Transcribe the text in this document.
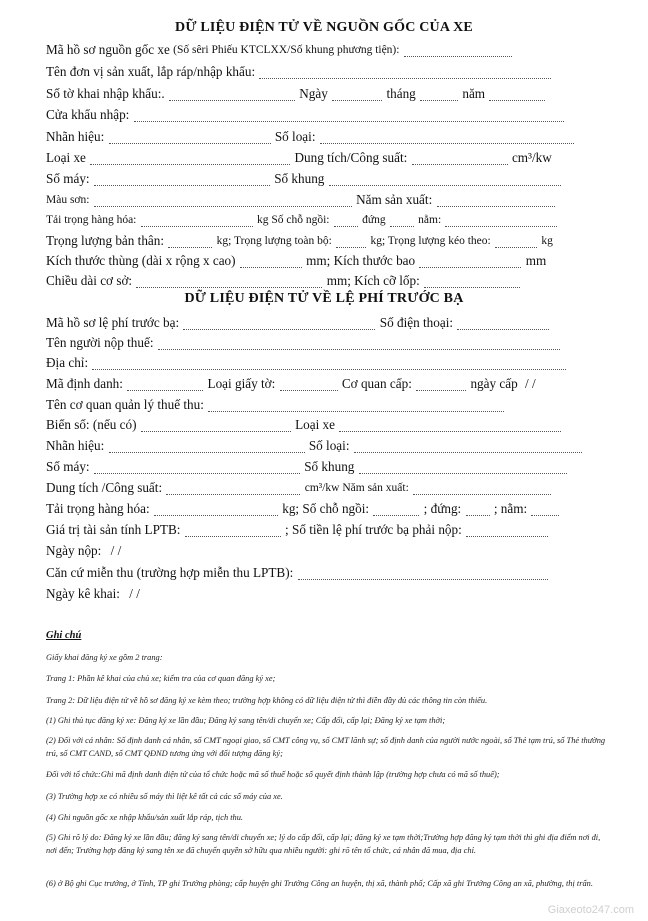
DỮ LIỆU ĐIỆN TỬ VỀ NGUỒN GỐC CỦA XE
Mã hồ sơ nguồn gốc xe (Số sêri Phiếu KTCLXX/Số khung phương tiện):
Tên đơn vị sản xuất, lắp ráp/nhập khẩu:
Số tờ khai nhập khẩu:.	Ngày	tháng	năm
Cửa khẩu nhập:
Nhãn hiệu:	Số loại:
Loại xe	Dung tích/Công suất:	cm³/kw
Số máy:	Số khung
Màu sơn:	Năm sản xuất:
Tải trọng hàng hóa:	kg Số chỗ ngồi:	đứng	nằm:
Trọng lượng bản thân:	kg; Trọng lượng toàn bộ:	kg; Trọng lượng kéo theo:	kg
Kích thước thùng (dài x rộng x cao)	mm; Kích thước bao	mm
Chiều dài cơ sở:	mm; Kích cỡ lốp:
DỮ LIỆU ĐIỆN TỬ VỀ LỆ PHÍ TRƯỚC BẠ
Mã hồ sơ lệ phí trước bạ:	Số điện thoại:
Tên người nộp thuế:
Địa chỉ:
Mã định danh:	Loại giấy tờ:	Cơ quan cấp:	ngày cấp / /
Tên cơ quan quản lý thuế thu:
Biển số: (nếu có)	Loại xe
Nhãn hiệu:	Số loại:
Số máy:	Số khung
Dung tích /Công suất:	cm³/kw Năm sản xuất:
Tải trọng hàng hóa:	kg; Số chỗ ngồi:	; đứng: ; nằm:
Giá trị tài sản tính LPTB:	; Số tiền lệ phí trước bạ phải nộp:
Ngày nộp: / /
Căn cứ miễn thu (trường hợp miễn thu LPTB):
Ngày kê khai: / /
Ghi chú
Giấy khai đăng ký xe gồm 2 trang:
Trang 1: Phần kê khai của chủ xe; kiểm tra của cơ quan đăng ký xe;
Trang 2: Dữ liệu điện tử về hồ sơ đăng ký xe kèm theo; trường hợp không có dữ liệu điện tử thì điền đầy đủ các thông tin còn thiếu.
(1) Ghi thủ tục đăng ký xe: Đăng ký xe lần đầu; Đăng ký sang tên/di chuyển xe; Cấp đổi, cấp lại; Đăng ký xe tạm thời;
(2) Đối với cá nhân: Số định danh cá nhân, số CMT ngoại giao, số CMT công vụ, số CMT lãnh sự; số định danh của người nước ngoài, số Thẻ tạm trú, số Thẻ thường trú, số CMT CAND, số CMT QĐND tương ứng với đối tượng đăng ký;
Đối với tổ chức:Ghi mã định danh điện tử của tổ chức hoặc mã số thuế hoặc số quyết định thành lập (trường hợp chưa có mã số thuế);
(3) Trường hợp xe có nhiều số máy thì liệt kê tất cả các số máy của xe.
(4) Ghi nguồn gốc xe nhập khẩu/sản xuất lắp ráp, tịch thu.
(5) Ghi rõ lý do: Đăng ký xe lần đầu; đăng ký sang tên/di chuyển xe; lý do cấp đổi, cấp lại; đăng ký xe tạm thời;Trường hợp đăng ký tạm thời thì ghi địa điểm nơi đi, nơi đến; Trường hợp đăng ký sang tên xe đã chuyển quyền sở hữu qua nhiều người: ghi rõ tên tổ chức, cá nhân đã mua, địa chỉ.
(6) ở Bộ ghi Cục trưởng, ở Tỉnh, TP ghi Trưởng phòng; cấp huyện ghi Trưởng Công an huyện, thị xã, thành phố; Cấp xã ghi Trưởng Công an xã, phường, thị trấn.
Giaxeoto247.com
